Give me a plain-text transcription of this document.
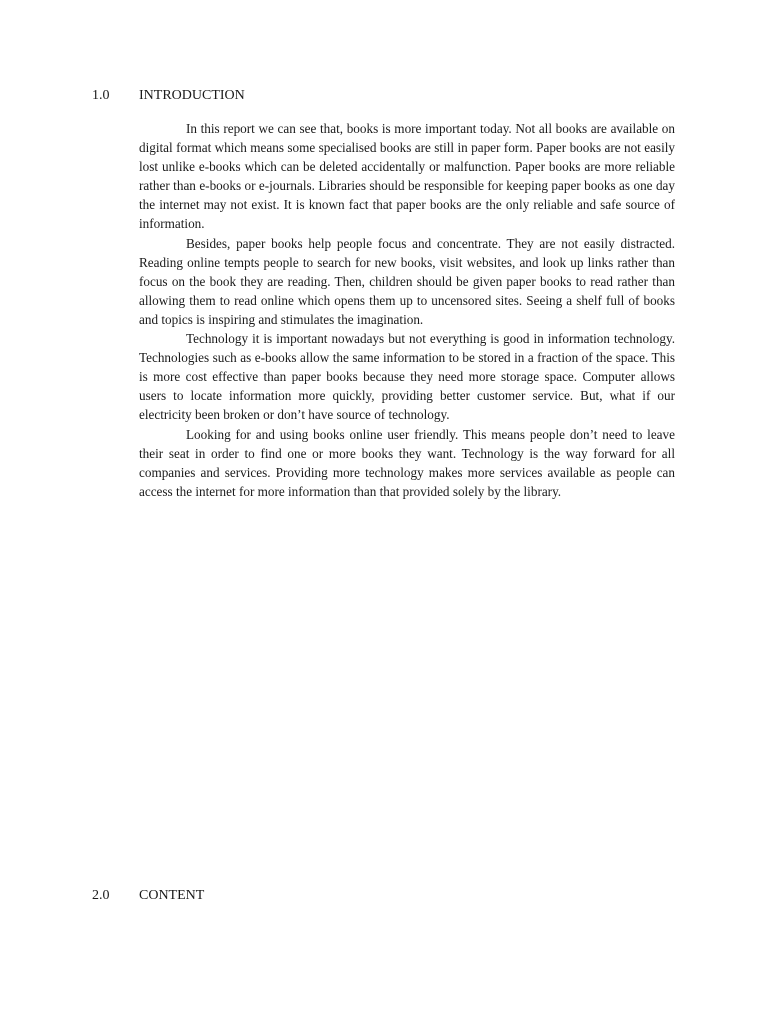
1.0 INTRODUCTION

In this report we can see that, books is more important today. Not all books are available on digital format which means some specialised books are still in paper form. Paper books are not easily lost unlike e-books which can be deleted accidentally or malfunction. Paper books are more reliable rather than e-books or e-journals. Libraries should be responsible for keeping paper books as one day the internet may not exist. It is known fact that paper books are the only reliable and safe source of information.

Besides, paper books help people focus and concentrate. They are not easily distracted. Reading online tempts people to search for new books, visit websites, and look up links rather than focus on the book they are reading. Then, children should be given paper books to read rather than allowing them to read online which opens them up to uncensored sites. Seeing a shelf full of books and topics is inspiring and stimulates the imagination.

Technology it is important nowadays but not everything is good in information technology. Technologies such as e-books allow the same information to be stored in a fraction of the space. This is more cost effective than paper books because they need more storage space. Computer allows users to locate information more quickly, providing better customer service. But, what if our electricity been broken or don’t have source of technology.

Looking for and using books online user friendly. This means people don’t need to leave their seat in order to find one or more books they want. Technology is the way forward for all companies and services. Providing more technology makes more services available as people can access the internet for more information than that provided solely by the library.

2.0 CONTENT
